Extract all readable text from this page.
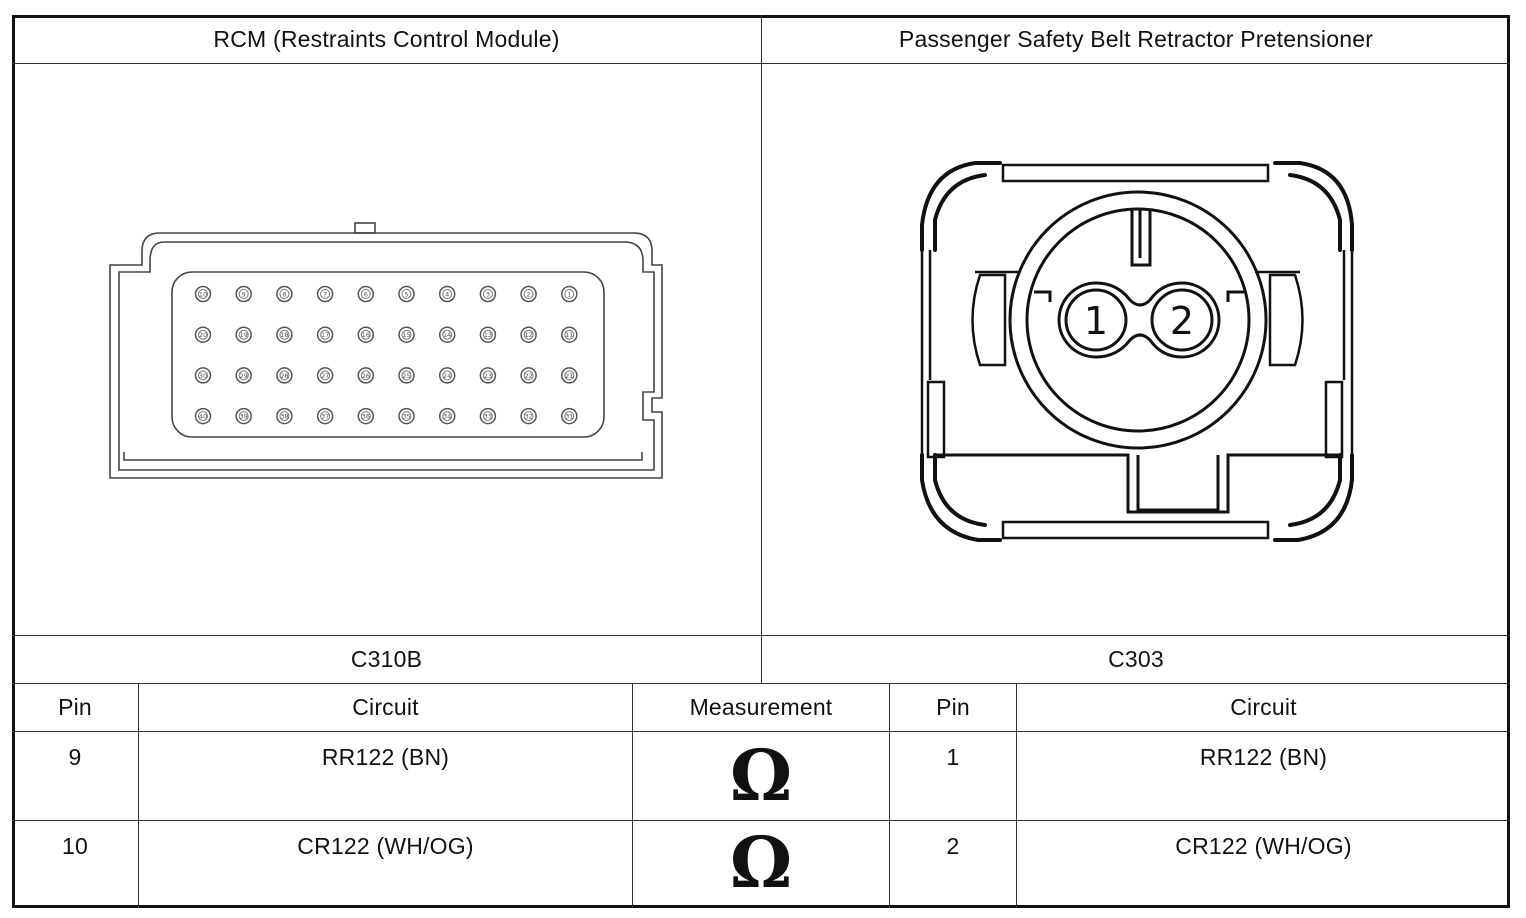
RCM (Restraints Control Module)	Passenger Safety Belt Retractor Pretensioner
10	9	8	7	6	5	4	3	2	1
20	19	18	17	16	15	14	13	12	11
30	29	28	27	26	25	24	23	22	21
40	39	38	37	36	35	34	33	32	31
1 2
C310B	C303
Pin	Circuit	Measurement	Pin	Circuit
9	RR122 (BN)	Ω	1	RR122 (BN)
10	CR122 (WH/OG)	Ω	2	CR122 (WH/OG)
